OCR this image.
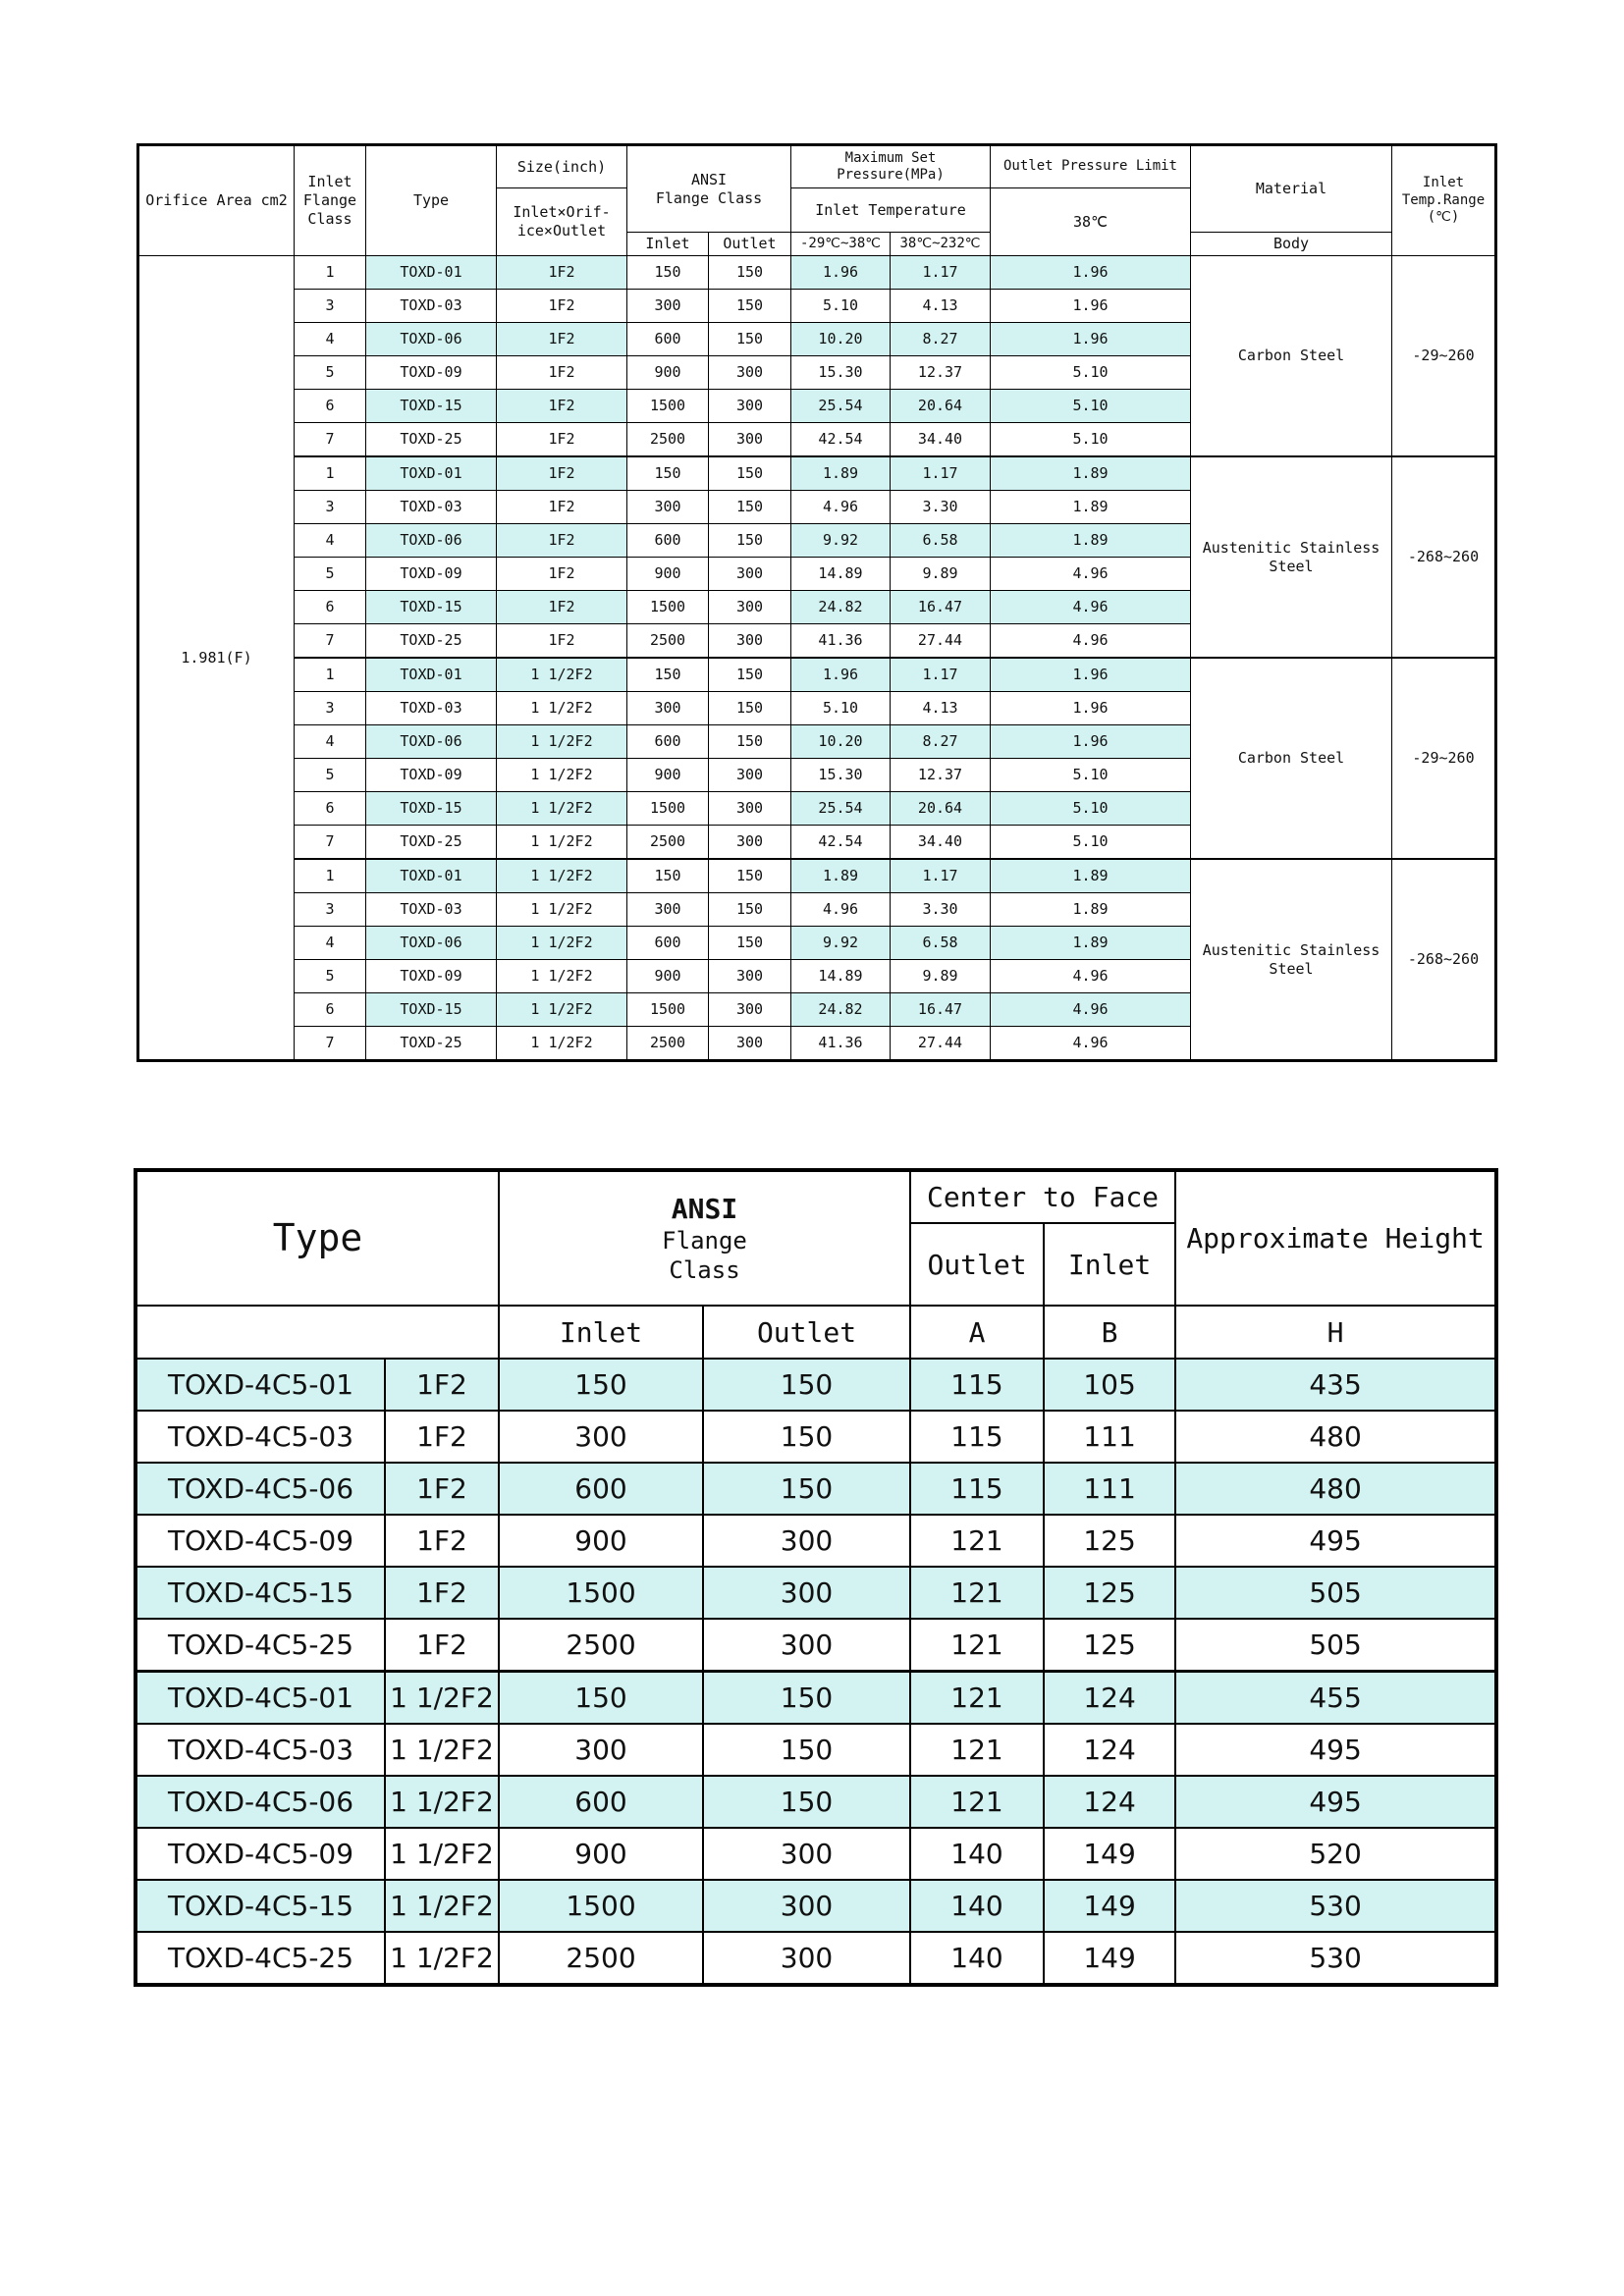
Orifice Area cm2	Inlet Flange Class	Type	Size(inch)	ANSI
Flange Class		Maximum Set Pressure(MPa)		Outlet Pressure Limit	Material	Inlet Temp.Range (℃)
			Inlet×Orif-ice×Outlet			Inlet Temperature		38℃		
				Inlet	Outlet	-29℃~38℃	38℃~232℃		Body	
1.981(F)	1	TOXD-01	1F2	150	150	1.96	1.17	1.96	Carbon Steel	-29~260
	3	TOXD-03	1F2	300	150	5.10	4.13	1.96		
	4	TOXD-06	1F2	600	150	10.20	8.27	1.96		
	5	TOXD-09	1F2	900	300	15.30	12.37	5.10		
	6	TOXD-15	1F2	1500	300	25.54	20.64	5.10		
	7	TOXD-25	1F2	2500	300	42.54	34.40	5.10		
	1	TOXD-01	1F2	150	150	1.89	1.17	1.89	Austenitic Stainless Steel	-268~260
	3	TOXD-03	1F2	300	150	4.96	3.30	1.89		
	4	TOXD-06	1F2	600	150	9.92	6.58	1.89		
	5	TOXD-09	1F2	900	300	14.89	9.89	4.96		
	6	TOXD-15	1F2	1500	300	24.82	16.47	4.96		
	7	TOXD-25	1F2	2500	300	41.36	27.44	4.96		
	1	TOXD-01	1 1/2F2	150	150	1.96	1.17	1.96	Carbon Steel	-29~260
	3	TOXD-03	1 1/2F2	300	150	5.10	4.13	1.96		
	4	TOXD-06	1 1/2F2	600	150	10.20	8.27	1.96		
	5	TOXD-09	1 1/2F2	900	300	15.30	12.37	5.10		
	6	TOXD-15	1 1/2F2	1500	300	25.54	20.64	5.10		
	7	TOXD-25	1 1/2F2	2500	300	42.54	34.40	5.10		
	1	TOXD-01	1 1/2F2	150	150	1.89	1.17	1.89	Austenitic Stainless Steel	-268~260
	3	TOXD-03	1 1/2F2	300	150	4.96	3.30	1.89		
	4	TOXD-06	1 1/2F2	600	150	9.92	6.58	1.89		
	5	TOXD-09	1 1/2F2	900	300	14.89	9.89	4.96		
	6	TOXD-15	1 1/2F2	1500	300	24.82	16.47	4.96		
	7	TOXD-25	1 1/2F2	2500	300	41.36	27.44	4.96		
Type		ANSI
Flange
Class		Center to Face		Approximate Height
				Outlet	Inlet	
		Inlet	Outlet	A	B	H
TOXD-4C5-01	1F2	150	150	115	105	435
TOXD-4C5-03	1F2	300	150	115	111	480
TOXD-4C5-06	1F2	600	150	115	111	480
TOXD-4C5-09	1F2	900	300	121	125	495
TOXD-4C5-15	1F2	1500	300	121	125	505
TOXD-4C5-25	1F2	2500	300	121	125	505
TOXD-4C5-01	1 1/2F2	150	150	121	124	455
TOXD-4C5-03	1 1/2F2	300	150	121	124	495
TOXD-4C5-06	1 1/2F2	600	150	121	124	495
TOXD-4C5-09	1 1/2F2	900	300	140	149	520
TOXD-4C5-15	1 1/2F2	1500	300	140	149	530
TOXD-4C5-25	1 1/2F2	2500	300	140	149	530
